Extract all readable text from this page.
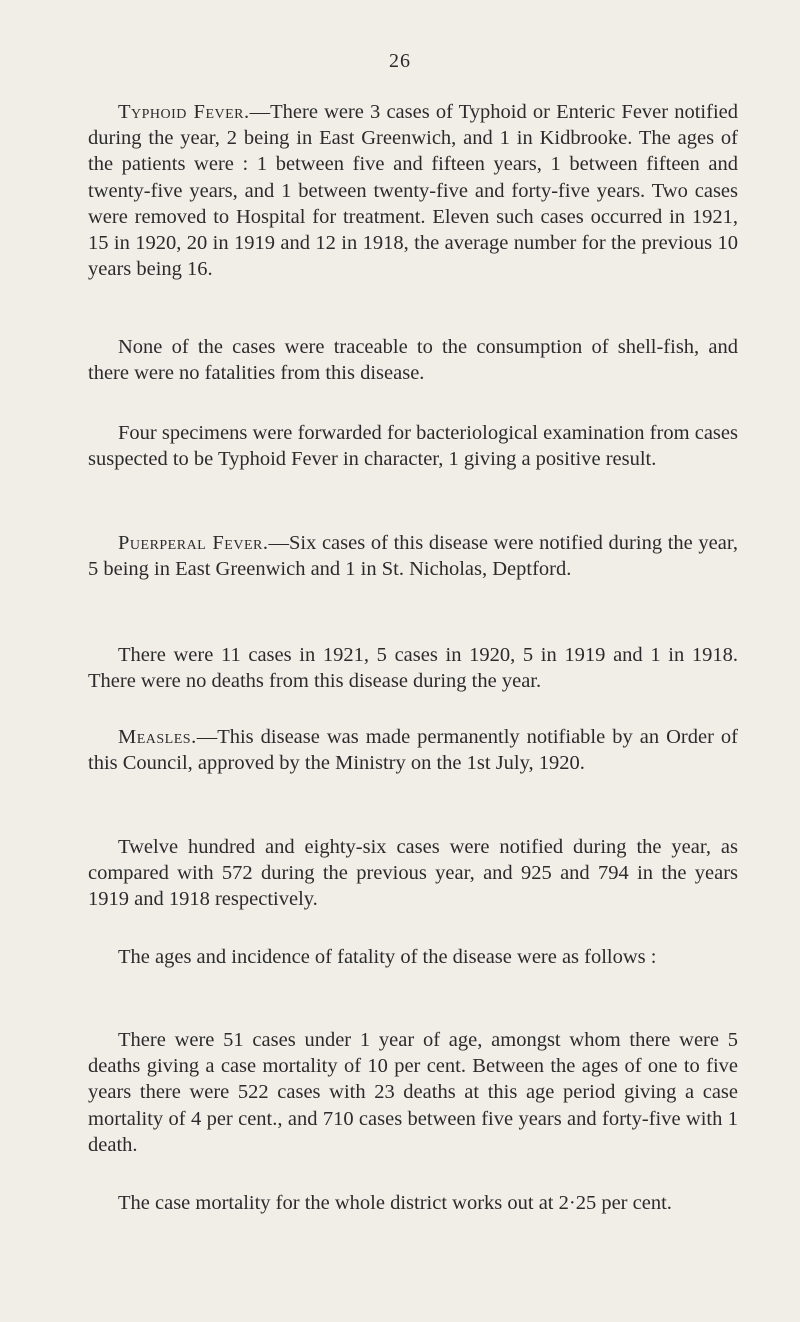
26

Typhoid Fever.—There were 3 cases of Typhoid or Enteric Fever notified during the year, 2 being in East Greenwich, and 1 in Kidbrooke. The ages of the patients were : 1 between five and fifteen years, 1 between fifteen and twenty-five years, and 1 between twenty-five and forty-five years. Two cases were removed to Hospital for treatment. Eleven such cases occurred in 1921, 15 in 1920, 20 in 1919 and 12 in 1918, the average number for the previous 10 years being 16.

None of the cases were traceable to the consumption of shell-fish, and there were no fatalities from this disease.

Four specimens were forwarded for bacteriological examination from cases suspected to be Typhoid Fever in character, 1 giving a positive result.

Puerperal Fever.—Six cases of this disease were notified during the year, 5 being in East Greenwich and 1 in St. Nicholas, Deptford.

There were 11 cases in 1921, 5 cases in 1920, 5 in 1919 and 1 in 1918. There were no deaths from this disease during the year.

Measles.—This disease was made permanently notifiable by an Order of this Council, approved by the Ministry on the 1st July, 1920.

Twelve hundred and eighty-six cases were notified during the year, as compared with 572 during the previous year, and 925 and 794 in the years 1919 and 1918 respectively.

The ages and incidence of fatality of the disease were as follows :

There were 51 cases under 1 year of age, amongst whom there were 5 deaths giving a case mortality of 10 per cent. Between the ages of one to five years there were 522 cases with 23 deaths at this age period giving a case mortality of 4 per cent., and 710 cases between five years and forty-five with 1 death.

The case mortality for the whole district works out at 2·25 per cent.
